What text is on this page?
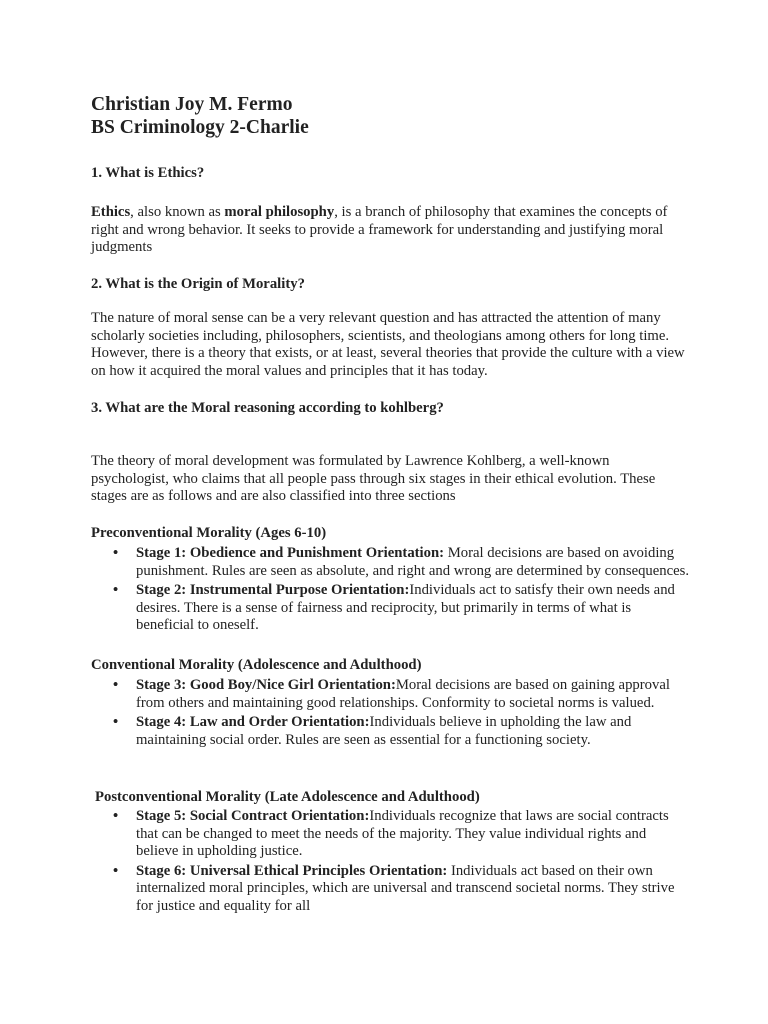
Christian Joy M. Fermo
BS Criminology 2-Charlie
1. What is Ethics?
Ethics, also known as moral philosophy, is a branch of philosophy that examines the concepts of right and wrong behavior. It seeks to provide a framework for understanding and justifying moral judgments
2. What is the Origin of Morality?
The nature of moral sense can be a very relevant question and has attracted the attention of many scholarly societies including, philosophers, scientists, and theologians among others for long time. However, there is a theory that exists, or at least, several theories that provide the culture with a view on how it acquired the moral values and principles that it has today.
3. What are the Moral reasoning according to kohlberg?
The theory of moral development was formulated by Lawrence Kohlberg, a well-known psychologist, who claims that all people pass through six stages in their ethical evolution. These stages are as follows and are also classified into three sections
Preconventional Morality (Ages 6-10)
• Stage 1: Obedience and Punishment Orientation: Moral decisions are based on avoiding punishment. Rules are seen as absolute, and right and wrong are determined by consequences.
• Stage 2: Instrumental Purpose Orientation:Individuals act to satisfy their own needs and desires. There is a sense of fairness and reciprocity, but primarily in terms of what is beneficial to oneself.
Conventional Morality (Adolescence and Adulthood)
• Stage 3: Good Boy/Nice Girl Orientation:Moral decisions are based on gaining approval from others and maintaining good relationships. Conformity to societal norms is valued.
• Stage 4: Law and Order Orientation:Individuals believe in upholding the law and maintaining social order. Rules are seen as essential for a functioning society.
Postconventional Morality (Late Adolescence and Adulthood)
• Stage 5: Social Contract Orientation:Individuals recognize that laws are social contracts that can be changed to meet the needs of the majority. They value individual rights and believe in upholding justice.
• Stage 6: Universal Ethical Principles Orientation: Individuals act based on their own internalized moral principles, which are universal and transcend societal norms. They strive for justice and equality for all
